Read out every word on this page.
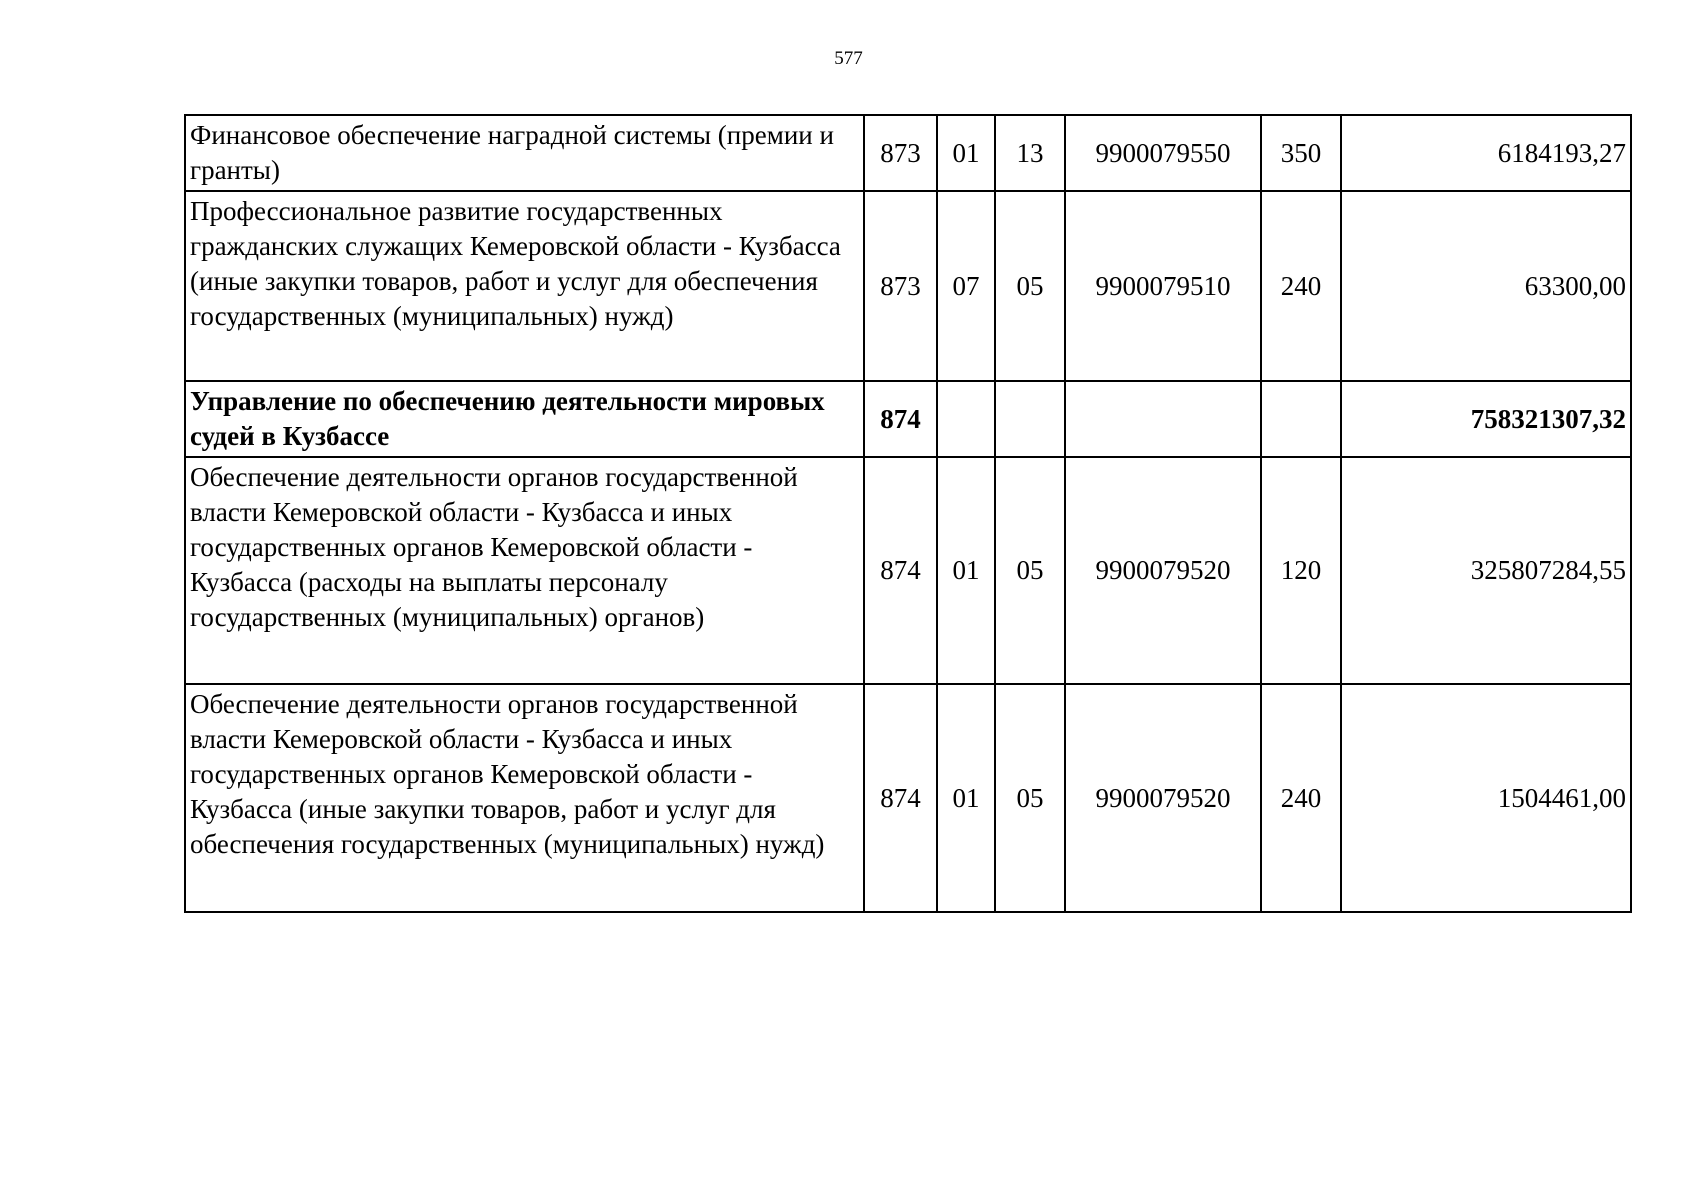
577
Финансовое обеспечение наградной системы (премии и гранты)	873	01	13	9900079550	350	6184193,27
Профессиональное развитие государственных гражданских служащих Кемеровской области - Кузбасса (иные закупки товаров, работ и услуг для обеспечения государственных (муниципальных) нужд)	873	07	05	9900079510	240	63300,00
Управление по обеспечению деятельности мировых судей в Кузбассе	874					758321307,32
Обеспечение деятельности органов государственной власти Кемеровской области - Кузбасса и иных государственных органов Кемеровской области - Кузбасса (расходы на выплаты персоналу государственных (муниципальных) органов)	874	01	05	9900079520	120	325807284,55
Обеспечение деятельности органов государственной власти Кемеровской области - Кузбасса и иных государственных органов Кемеровской области - Кузбасса (иные закупки товаров, работ и услуг для обеспечения государственных (муниципальных) нужд)	874	01	05	9900079520	240	1504461,00
